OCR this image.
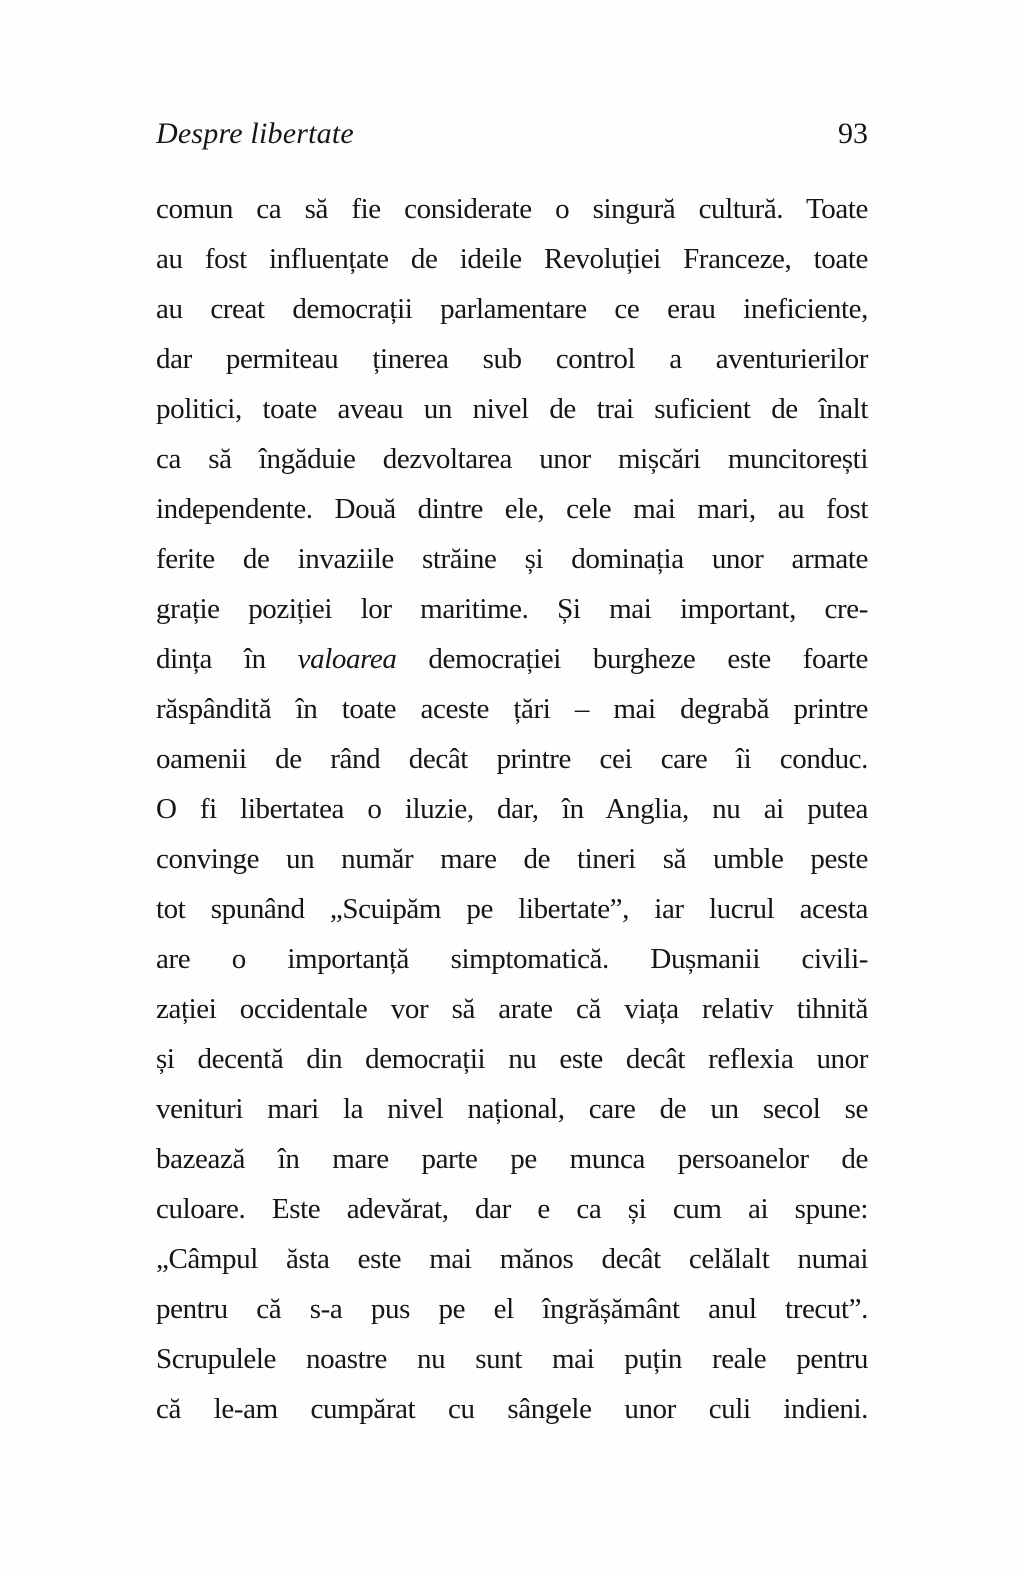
Despre libertate	93
comun ca să fie considerate o singură cultură. Toate
au fost influențate de ideile Revoluției Franceze, toate
au creat democrații parlamentare ce erau ineficiente,
dar permiteau ținerea sub control a aventurierilor
politici, toate aveau un nivel de trai suficient de înalt
ca să îngăduie dezvoltarea unor mișcări muncitorești
independente. Două dintre ele, cele mai mari, au fost
ferite de invaziile străine și dominația unor armate
grație poziției lor maritime. Și mai important, cre-
dința în valoarea democrației burgheze este foarte
răspândită în toate aceste țări – mai degrabă printre
oamenii de rând decât printre cei care îi conduc.
O fi libertatea o iluzie, dar, în Anglia, nu ai putea
convinge un număr mare de tineri să umble peste
tot spunând „Scuipăm pe libertate”, iar lucrul acesta
are o importanță simptomatică. Dușmanii civili-
zației occidentale vor să arate că viața relativ tihnită
și decentă din democrații nu este decât reflexia unor
venituri mari la nivel național, care de un secol se
bazează în mare parte pe munca persoanelor de
culoare. Este adevărat, dar e ca și cum ai spune:
„Câmpul ăsta este mai mănos decât celălalt numai
pentru că s-a pus pe el îngrășământ anul trecut”.
Scrupulele noastre nu sunt mai puțin reale pentru
că le-am cumpărat cu sângele unor culi indieni.
